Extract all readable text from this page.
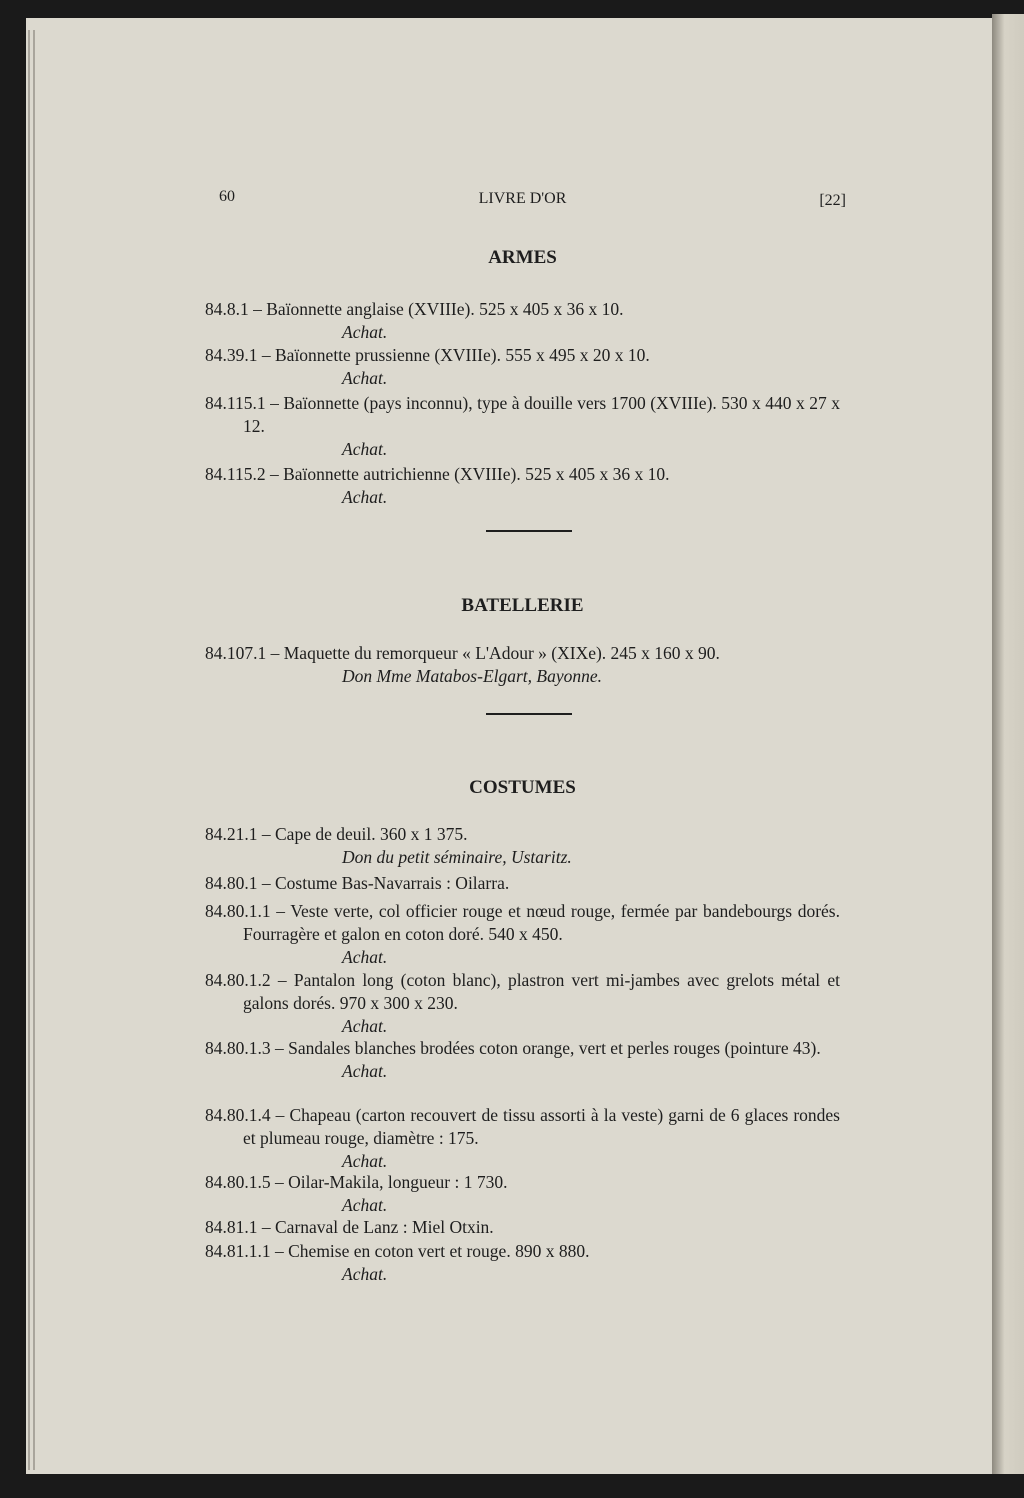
60	LIVRE D'OR	[22]
ARMES

84.8.1 – Baïonnette anglaise (XVIIIe). 525 x 405 x 36 x 10.

Achat.

84.39.1 – Baïonnette prussienne (XVIIIe). 555 x 495 x 20 x 10.

Achat.

84.115.1 – Baïonnette (pays inconnu), type à douille vers 1700 (XVIIIe). 530 x 440 x 27 x 12.

Achat.

84.115.2 – Baïonnette autrichienne (XVIIIe). 525 x 405 x 36 x 10.

Achat.

BATELLERIE

84.107.1 – Maquette du remorqueur « L'Adour » (XIXe). 245 x 160 x 90.

Don Mme Matabos-Elgart, Bayonne.

COSTUMES

84.21.1 – Cape de deuil. 360 x 1 375.

Don du petit séminaire, Ustaritz.

84.80.1 – Costume Bas-Navarrais : Oilarra.

84.80.1.1 – Veste verte, col officier rouge et nœud rouge, fermée par bandebourgs dorés. Fourragère et galon en coton doré. 540 x 450.

Achat.

84.80.1.2 – Pantalon long (coton blanc), plastron vert mi-jambes avec grelots métal et galons dorés. 970 x 300 x 230.

Achat.

84.80.1.3 – Sandales blanches brodées coton orange, vert et perles rouges (pointure 43).

Achat.

84.80.1.4 – Chapeau (carton recouvert de tissu assorti à la veste) garni de 6 glaces rondes et plumeau rouge, diamètre : 175.

Achat.

84.80.1.5 – Oilar-Makila, longueur : 1 730.

Achat.

84.81.1 – Carnaval de Lanz : Miel Otxin.

84.81.1.1 – Chemise en coton vert et rouge. 890 x 880.

Achat.
